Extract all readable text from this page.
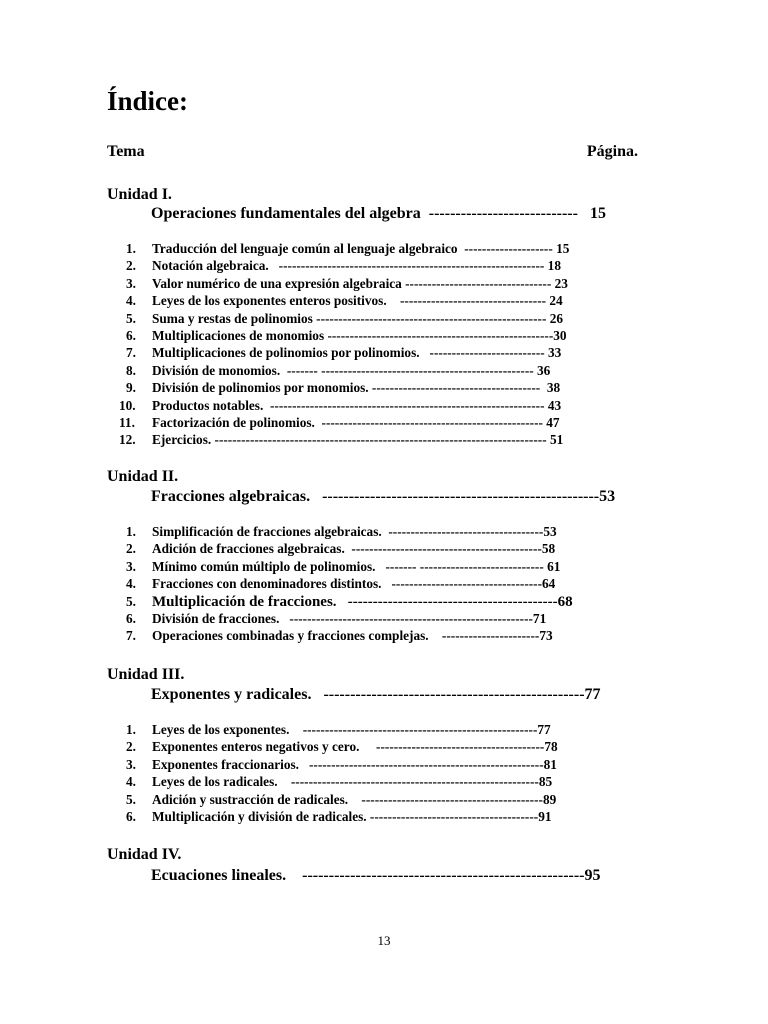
Índice:
Tema	Página.
Unidad I.
Operaciones fundamentales del algebra  ----------------------------   15
1. Traducción del lenguaje común al lenguaje algebraico  -------------------- 15
2. Notación algebraica.   ------------------------------------------------------------ 18
3. Valor numérico de una expresión algebraica --------------------------------- 23
4. Leyes de los exponentes enteros positivos.    --------------------------------- 24
5. Suma y restas de polinomios ---------------------------------------------------- 26
6. Multiplicaciones de monomios ---------------------------------------------------30
7. Multiplicaciones de polinomios por polinomios.   -------------------------- 33
8. División de monomios.  ------- ------------------------------------------------ 36
9. División de polinomios por monomios. --------------------------------------  38
10. Productos notables.  -------------------------------------------------------------- 43
11. Factorización de polinomios.  -------------------------------------------------- 47
12. Ejercicios. --------------------------------------------------------------------------- 51
Unidad II.
Fracciones algebraicas.   ----------------------------------------------------53
1. Simplificación de fracciones algebraicas.  -----------------------------------53
2. Adición de fracciones algebraicas.  -------------------------------------------58
3. Mínimo común múltiplo de polinomios.   ------- ---------------------------- 61
4. Fracciones con denominadores distintos.   ----------------------------------64
5. Multiplicación de fracciones.   ------------------------------------------68
6. División de fracciones.   -------------------------------------------------------71
7. Operaciones combinadas y fracciones complejas.    ----------------------73
Unidad III.
Exponentes y radicales.   -------------------------------------------------77
1. Leyes de los exponentes.    -----------------------------------------------------77
2. Exponentes enteros negativos y cero.     --------------------------------------78
3. Exponentes fraccionarios.   -----------------------------------------------------81
4. Leyes de los radicales.    --------------------------------------------------------85
5. Adición y sustracción de radicales.    -----------------------------------------89
6. Multiplicación y división de radicales. --------------------------------------91
Unidad IV.
Ecuaciones lineales.    -----------------------------------------------------95
13
